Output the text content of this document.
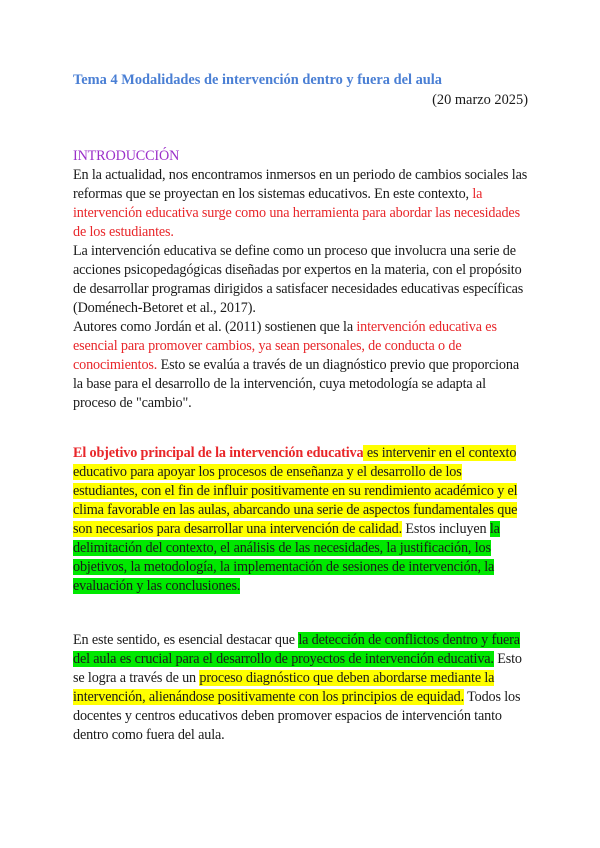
Tema 4 Modalidades de intervención dentro y fuera del aula
(20 marzo 2025)

INTRODUCCIÓN

En la actualidad, nos encontramos inmersos en un periodo de cambios sociales las reformas que se proyectan en los sistemas educativos. En este contexto, la intervención educativa surge como una herramienta para abordar las necesidades de los estudiantes.

La intervención educativa se define como un proceso que involucra una serie de acciones psicopedagógicas diseñadas por expertos en la materia, con el propósito de desarrollar programas dirigidos a satisfacer necesidades educativas específicas

(Doménech-Betoret et al., 2017).

Autores como Jordán et al. (2011) sostienen que la intervención educativa es esencial para promover cambios, ya sean personales, de conducta o de conocimientos. Esto se evalúa a través de un diagnóstico previo que proporciona la base para el desarrollo de la intervención, cuya metodología se adapta al proceso de "cambio".

El objetivo principal de la intervención educativa es intervenir en el contexto educativo para apoyar los procesos de enseñanza y el desarrollo de los estudiantes, con el fin de influir positivamente en su rendimiento académico y el clima favorable en las aulas, abarcando una serie de aspectos fundamentales que son necesarios para desarrollar una intervención de calidad. Estos incluyen la delimitación del contexto, el análisis de las necesidades, la justificación, los objetivos, la metodología, la implementación de sesiones de intervención, la evaluación y las conclusiones.

En este sentido, es esencial destacar que la detección de conflictos dentro y fuera del aula es crucial para el desarrollo de proyectos de intervención educativa. Esto se logra a través de un proceso diagnóstico que deben abordarse mediante la intervención, alienándose positivamente con los principios de equidad. Todos los docentes y centros educativos deben promover espacios de intervención tanto dentro como fuera del aula.
